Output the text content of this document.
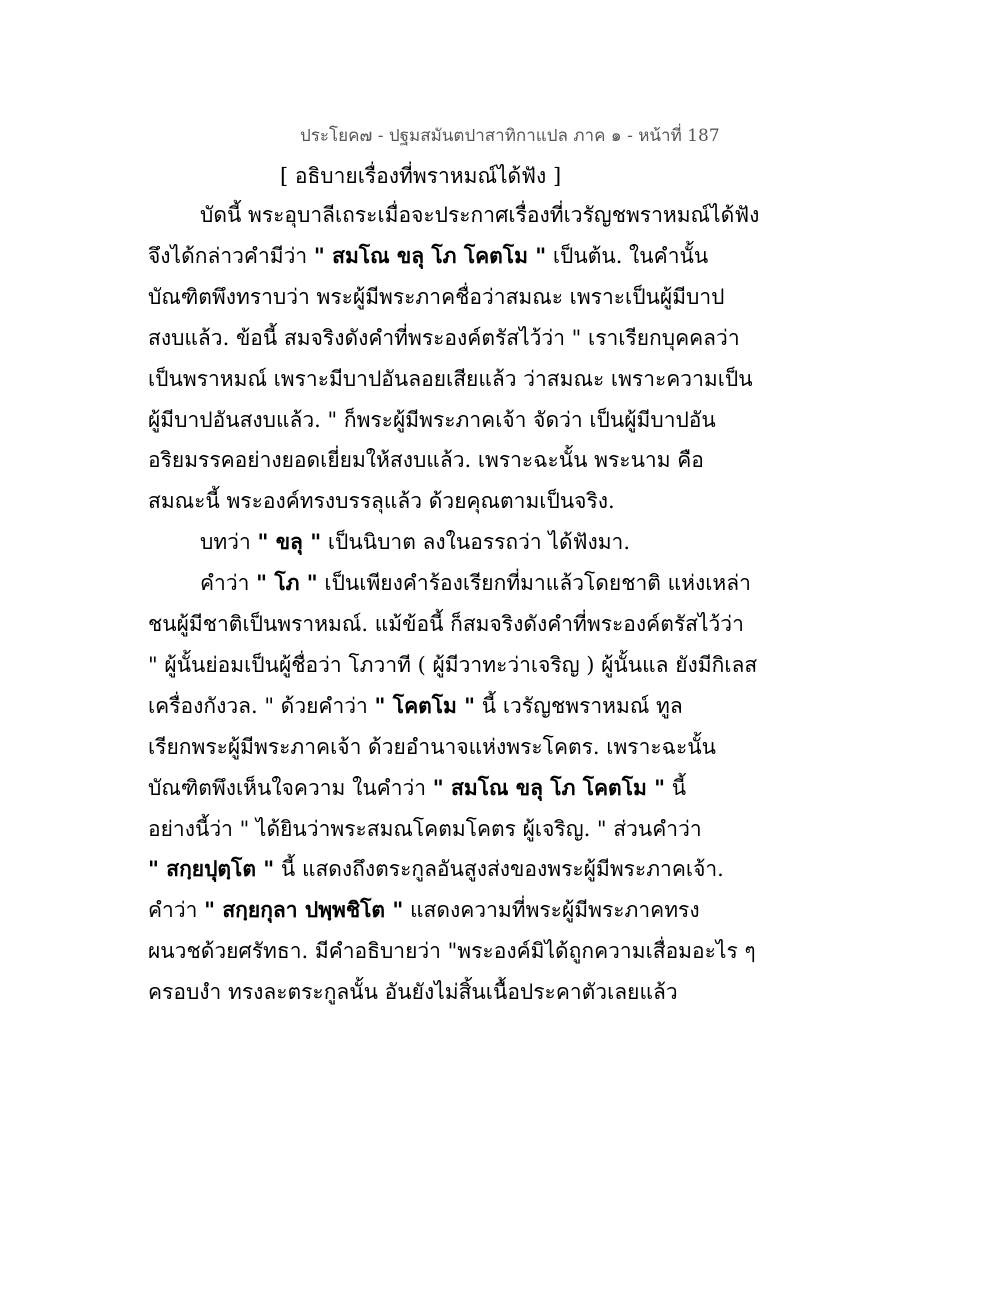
ประโยค๗ - ปฐมสมันตปาสาทิกาแปล ภาค ๑ - หน้าที่ 187
[ อธิบายเรื่องที่พราหมณ์ได้ฟัง ]
บัดนี้ พระอุบาลีเถระเมื่อจะประกาศเรื่องที่เวรัญชพราหมณ์ได้ฟัง
จึงได้กล่าวคำมีว่า " สมโณ ขลุ โภ โคตโม " เป็นต้น. ในคำนั้น
บัณฑิตพึงทราบว่า พระผู้มีพระภาคชื่อว่าสมณะ เพราะเป็นผู้มีบาป
สงบแล้ว. ข้อนี้ สมจริงดังคำที่พระองค์ตรัสไว้ว่า " เราเรียกบุคคลว่า
เป็นพราหมณ์ เพราะมีบาปอันลอยเสียแล้ว ว่าสมณะ เพราะความเป็น
ผู้มีบาปอันสงบแล้ว. " ก็พระผู้มีพระภาคเจ้า จัดว่า เป็นผู้มีบาปอัน
อริยมรรคอย่างยอดเยี่ยมให้สงบแล้ว. เพราะฉะนั้น พระนาม คือ
สมณะนี้ พระองค์ทรงบรรลุแล้ว ด้วยคุณตามเป็นจริง.
บทว่า " ขลุ " เป็นนิบาต ลงในอรรถว่า ได้ฟังมา.
คำว่า " โภ " เป็นเพียงคำร้องเรียกที่มาแล้วโดยชาติ แห่งเหล่า
ชนผู้มีชาติเป็นพราหมณ์. แม้ข้อนี้ ก็สมจริงดังคำที่พระองค์ตรัสไว้ว่า
" ผู้นั้นย่อมเป็นผู้ชื่อว่า โภวาที ( ผู้มีวาทะว่าเจริญ ) ผู้นั้นแล ยังมีกิเลส
เครื่องกังวล. " ด้วยคำว่า " โคตโม " นี้ เวรัญชพราหมณ์ ทูล
เรียกพระผู้มีพระภาคเจ้า ด้วยอำนาจแห่งพระโคตร. เพราะฉะนั้น
บัณฑิตพึงเห็นใจความ ในคำว่า " สมโณ ขลุ โภ โคตโม " นี้
อย่างนี้ว่า " ได้ยินว่าพระสมณโคตมโคตร ผู้เจริญ. " ส่วนคำว่า
" สกฺยปุตฺโต " นี้ แสดงถึงตระกูลอันสูงส่งของพระผู้มีพระภาคเจ้า.
คำว่า " สกฺยกุลา ปพฺพชิโต " แสดงความที่พระผู้มีพระภาคทรง
ผนวชด้วยศรัทธา. มีคำอธิบายว่า "พระองค์มิได้ถูกความเสื่อมอะไร ๆ
ครอบงำ ทรงละตระกูลนั้น อันยังไม่สิ้นเนื้อประคาตัวเลยแล้ว
